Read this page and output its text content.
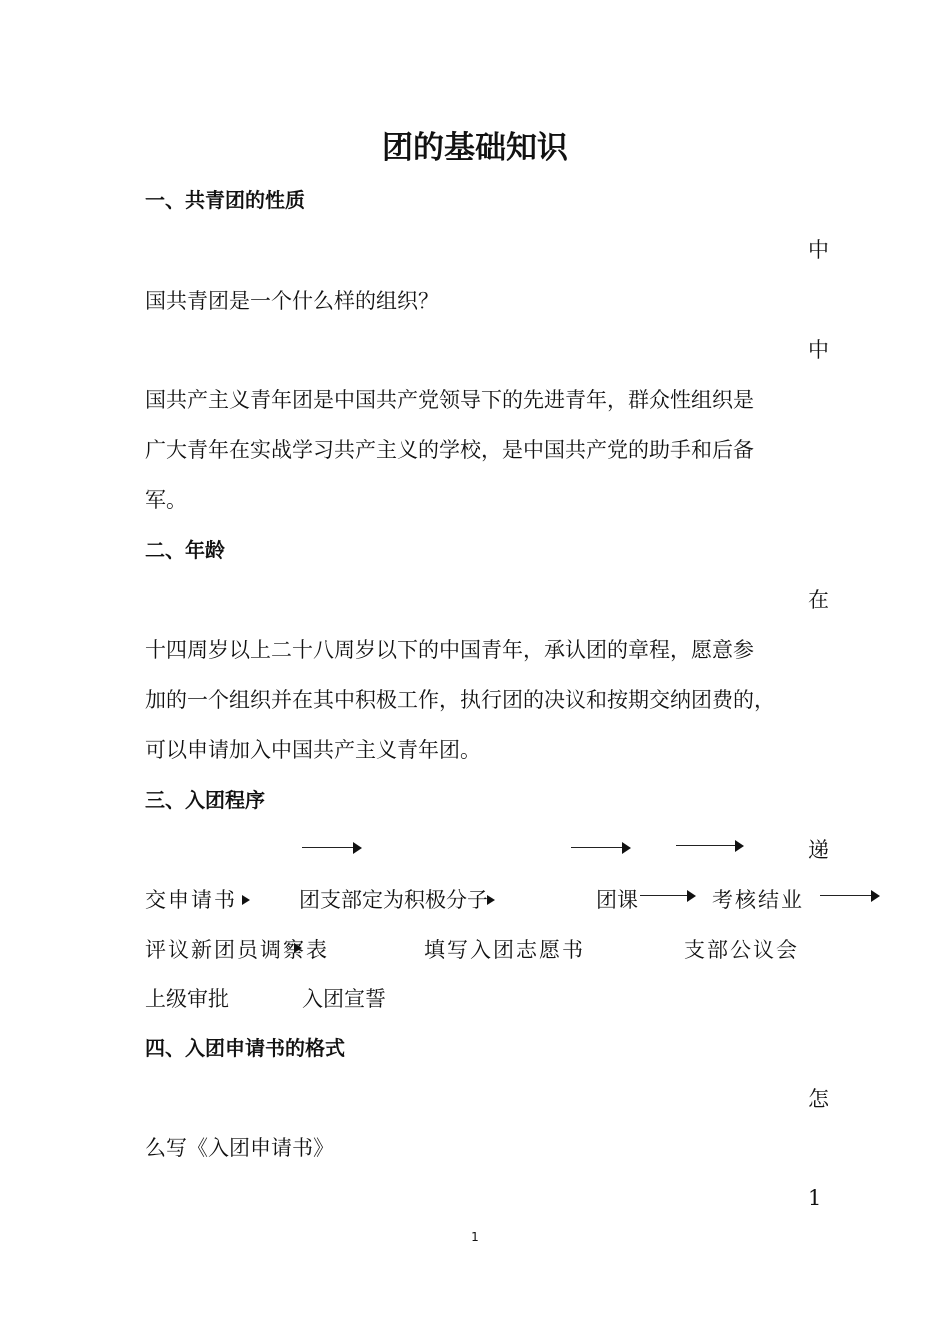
团的基础知识
一、共青团的性质
中
国共青团是一个什么样的组织？
中
国共产主义青年团是中国共产党领导下的先进青年，群众性组织是
广大青年在实战学习共产主义的学校，是中国共产党的助手和后备
军。
二、年龄
在
十四周岁以上二十八周岁以下的中国青年，承认团的章程，愿意参
加的一个组织并在其中积极工作，执行团的决议和按期交纳团费的，
可以申请加入中国共产主义青年团。
三、入团程序
递
交申请书	团支部定为积极分子	团课	考核结业
评议新团员调察表	填写入团志愿书	支部公议会
上级审批	入团宣誓
四、入团申请书的格式
怎
么写《入团申请书》
1
1
